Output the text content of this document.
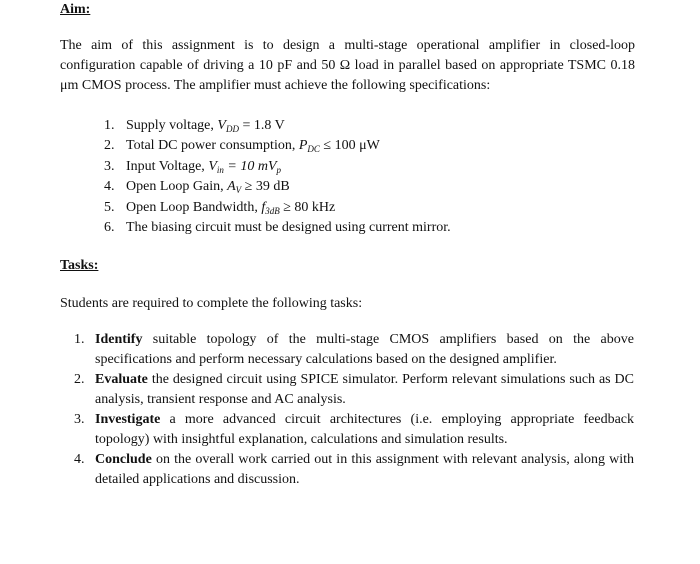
Aim:

The aim of this assignment is to design a multi-stage operational amplifier in closed-loop configuration capable of driving a 10 pF and 50 Ω load in parallel based on appropriate TSMC 0.18 μm CMOS process. The amplifier must achieve the following specifications:

1. Supply voltage, $V_{DD} = 1.8$ V
2. Total DC power consumption, $P_{DC} \le 100$ μW
3. Input Voltage, $V_{in} = 10$ $mV_p$
4. Open Loop Gain, $A_V \ge 39$ dB
5. Open Loop Bandwidth, $f_{3dB} \ge 80$ kHz
6. The biasing circuit must be designed using current mirror.
Tasks:

Students are required to complete the following tasks:

1. Identify suitable topology of the multi-stage CMOS amplifiers based on the above specifications and perform necessary calculations based on the designed amplifier.
2. Evaluate the designed circuit using SPICE simulator. Perform relevant simulations such as DC analysis, transient response and AC analysis.
3. Investigate a more advanced circuit architectures (i.e. employing appropriate feedback topology) with insightful explanation, calculations and simulation results.
4. Conclude on the overall work carried out in this assignment with relevant analysis, along with detailed applications and discussion.
